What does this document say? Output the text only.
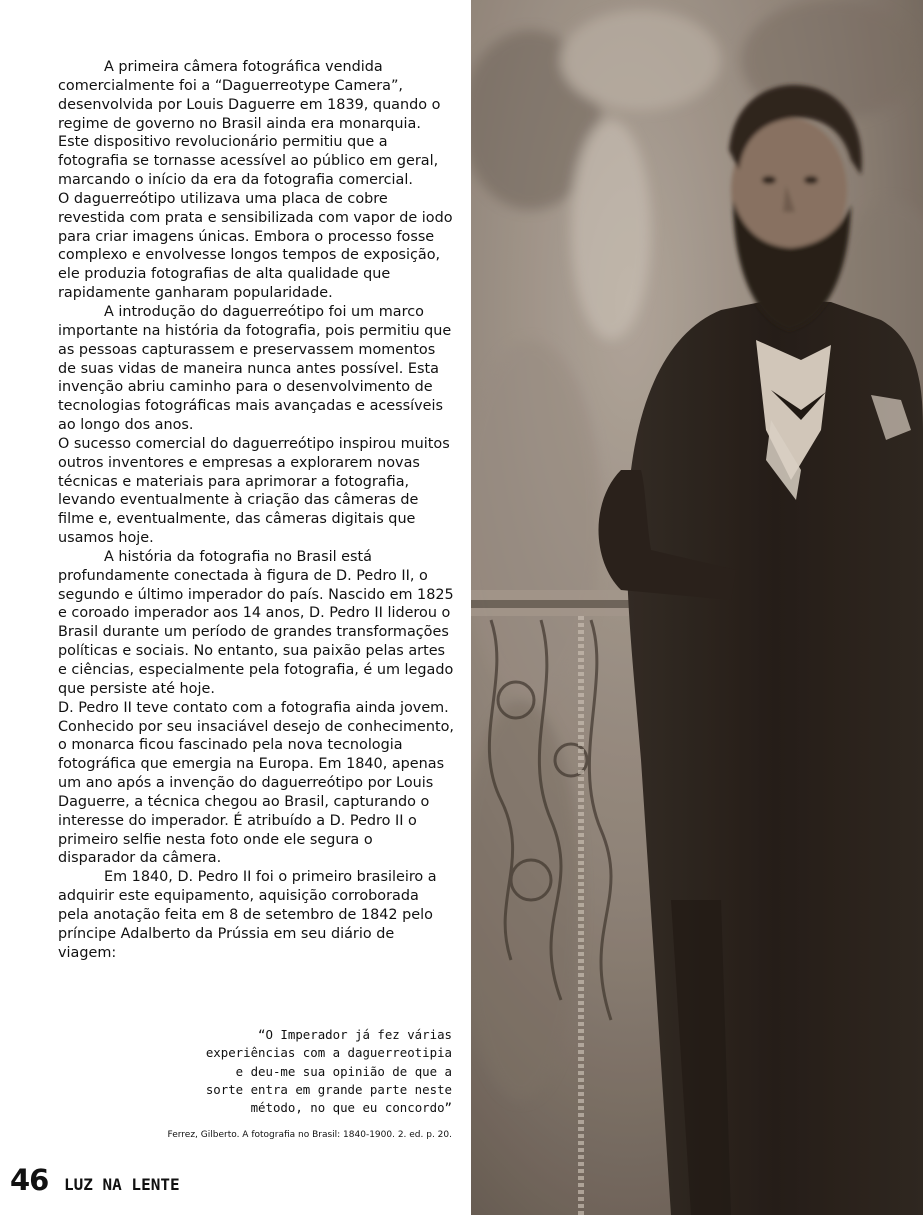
A primeira câmera fotográfica vendida comercialmente foi a “Daguerreotype Camera”, desenvolvida por Louis Daguerre em 1839, quando o regime de governo no Brasil ainda era monarquia. Este dispositivo revolucionário permitiu que a fotografia se tornasse acessível ao público em geral, marcando o início da era da fotografia comercial.

O daguerreótipo utilizava uma placa de cobre revestida com prata e sensibilizada com vapor de iodo para criar imagens únicas. Embora o processo fosse complexo e envolvesse longos tempos de exposição, ele produzia fotografias de alta qualidade que rapidamente ganharam popularidade.

A introdução do daguerreótipo foi um marco importante na história da fotografia, pois permitiu que as pessoas capturassem e preservassem momentos de suas vidas de maneira nunca antes possível. Esta invenção abriu caminho para o desenvolvimento de tecnologias fotográficas mais avançadas e acessíveis ao longo dos anos.

O sucesso comercial do daguerreótipo inspirou muitos outros inventores e empresas a explorarem novas técnicas e materiais para aprimorar a fotografia, levando eventualmente à criação das câmeras de filme e, eventualmente, das câmeras digitais que usamos hoje.

A história da fotografia no Brasil está profundamente conectada à figura de D. Pedro II, o segundo e último imperador do país. Nascido em 1825 e coroado imperador aos 14 anos, D. Pedro II liderou o Brasil durante um período de grandes transformações políticas e sociais. No entanto, sua paixão pelas artes e ciências, especialmente pela fotografia, é um legado que persiste até hoje.

D. Pedro II teve contato com a fotografia ainda jovem. Conhecido por seu insaciável desejo de conhecimento, o monarca ficou fascinado pela nova tecnologia fotográfica que emergia na Europa. Em 1840, apenas um ano após a invenção do daguerreótipo por Louis Daguerre, a técnica chegou ao Brasil, capturando o interesse do imperador. É atribuído a D. Pedro II o primeiro selfie nesta foto onde ele segura o disparador da câmera.

Em 1840, D. Pedro II foi o primeiro brasileiro a adquirir este equipamento, aquisição corroborada pela anotação feita em 8 de setembro de 1842 pelo príncipe Adalberto da Prússia em seu diário de viagem:

“O Imperador já fez várias
experiências com a daguerreotipia
e deu-me sua opinião de que a
sorte entra em grande parte neste
método, no que eu concordo”
Ferrez, Gilberto. A fotografia no Brasil: 1840-1900. 2. ed. p. 20.
46 LUZ NA LENTE
